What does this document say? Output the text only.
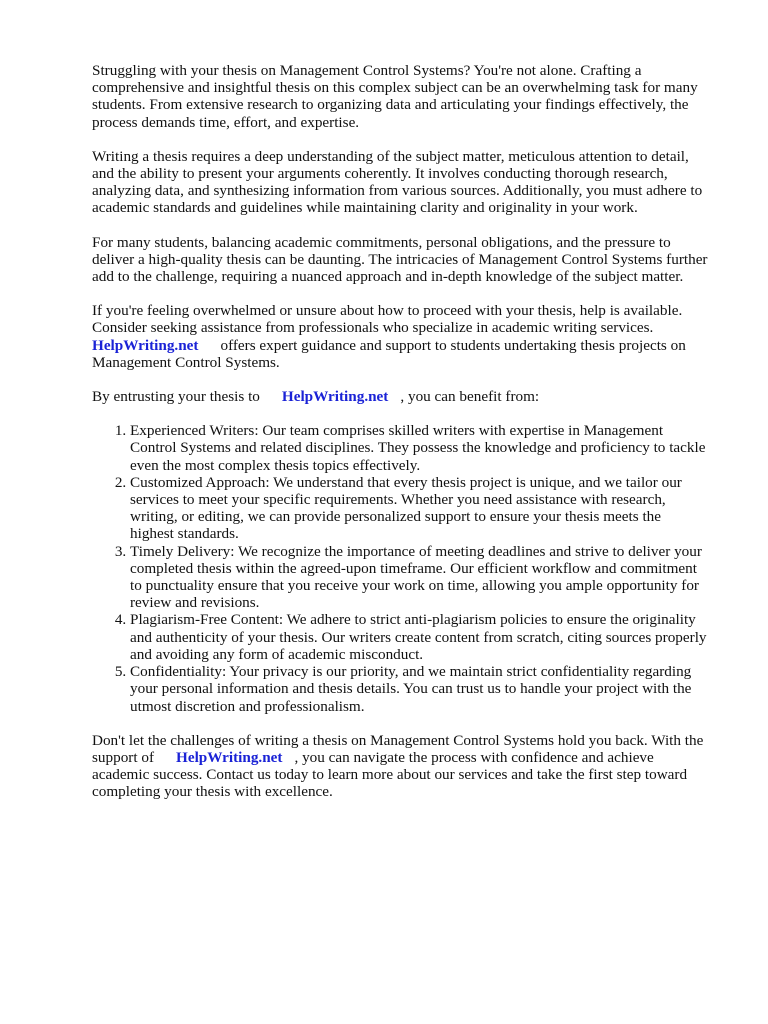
Struggling with your thesis on Management Control Systems? You're not alone. Crafting a comprehensive and insightful thesis on this complex subject can be an overwhelming task for many students. From extensive research to organizing data and articulating your findings effectively, the process demands time, effort, and expertise.

Writing a thesis requires a deep understanding of the subject matter, meticulous attention to detail, and the ability to present your arguments coherently. It involves conducting thorough research, analyzing data, and synthesizing information from various sources. Additionally, you must adhere to academic standards and guidelines while maintaining clarity and originality in your work.

For many students, balancing academic commitments, personal obligations, and the pressure to deliver a high-quality thesis can be daunting. The intricacies of Management Control Systems further add to the challenge, requiring a nuanced approach and in-depth knowledge of the subject matter.

If you're feeling overwhelmed or unsure about how to proceed with your thesis, help is available. Consider seeking assistance from professionals who specialize in academic writing services.
HelpWriting.net offers expert guidance and support to students undertaking thesis projects on Management Control Systems.

By entrusting your thesis to HelpWriting.net , you can benefit from:

1. Experienced Writers: Our team comprises skilled writers with expertise in Management Control Systems and related disciplines. They possess the knowledge and proficiency to tackle even the most complex thesis topics effectively.
2. Customized Approach: We understand that every thesis project is unique, and we tailor our services to meet your specific requirements. Whether you need assistance with research, writing, or editing, we can provide personalized support to ensure your thesis meets the highest standards.
3. Timely Delivery: We recognize the importance of meeting deadlines and strive to deliver your completed thesis within the agreed-upon timeframe. Our efficient workflow and commitment to punctuality ensure that you receive your work on time, allowing you ample opportunity for review and revisions.
4. Plagiarism-Free Content: We adhere to strict anti-plagiarism policies to ensure the originality and authenticity of your thesis. Our writers create content from scratch, citing sources properly and avoiding any form of academic misconduct.
5. Confidentiality: Your privacy is our priority, and we maintain strict confidentiality regarding your personal information and thesis details. You can trust us to handle your project with the utmost discretion and professionalism.

Don't let the challenges of writing a thesis on Management Control Systems hold you back. With the support of HelpWriting.net , you can navigate the process with confidence and achieve academic success. Contact us today to learn more about our services and take the first step toward completing your thesis with excellence.
